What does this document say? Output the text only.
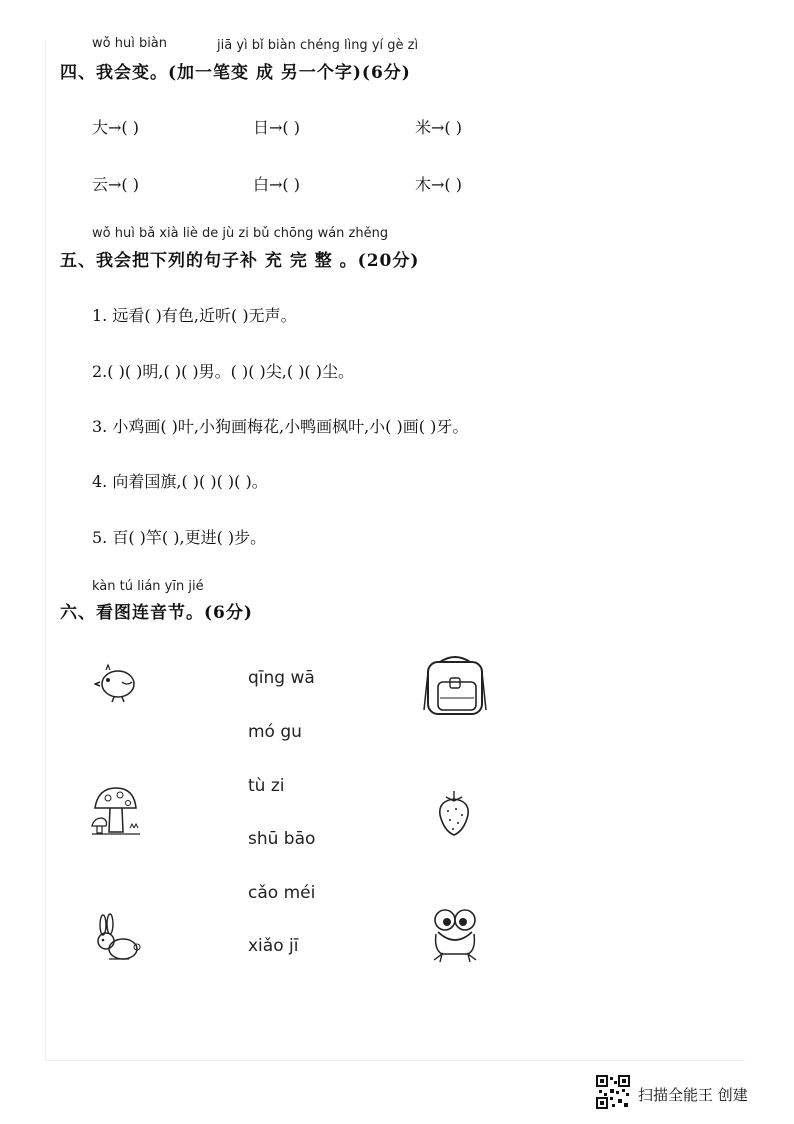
wǒ huì biàn	jiā yì bǐ biàn chéng lìng yí gè zì
四、我会变。(加一笔变 成 另一个字)(6分)
大→( )	日→( )	米→( )
云→( )	白→( )	木→( )
wǒ huì bǎ xià liè de jù zi bǔ chōng wán zhěng
五、我会把下列的句子补 充 完 整 。(20分)
1. 远看( )有色,近听( )无声。
2.( )( )明,( )( )男。( )( )尖,( )( )尘。
3. 小鸡画( )叶,小狗画梅花,小鸭画枫叶,小( )画( )牙。
4. 向着国旗,( )( )( )( )。
5. 百( )竿( ),更进( )步。
kàn tú lián yīn jié
六、看图连音节。(6分)
qīng wā
mó gu
tù zi
shū bāo
cǎo méi
xiǎo jī
扫描全能王 创建
